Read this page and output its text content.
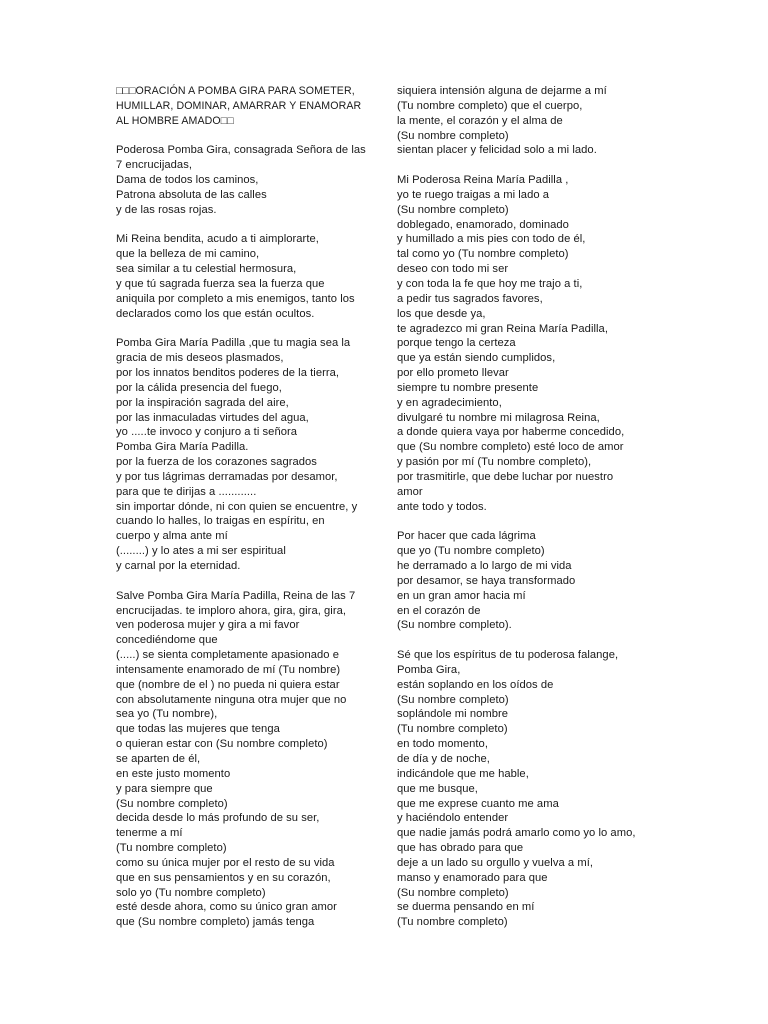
□□□ORACIÓN A POMBA GIRA PARA SOMETER,
HUMILLAR, DOMINAR, AMARRAR Y ENAMORAR
AL HOMBRE AMADO□□
Poderosa Pomba Gira, consagrada Señora de las
7 encrucijadas,
Dama de todos los caminos,
Patrona absoluta de las calles
y de las rosas rojas.
Mi Reina bendita, acudo a ti aimplorarte,
que la belleza de mi camino,
sea similar a tu celestial hermosura,
y que tú sagrada fuerza sea la fuerza que
aniquila por completo a mis enemigos, tanto los
declarados como los que están ocultos.
Pomba Gira María Padilla ,que tu magia sea la
gracia de mis deseos plasmados,
por los innatos benditos poderes de la tierra,
por la cálida presencia del fuego,
por la inspiración sagrada del aire,
por las inmaculadas virtudes del agua,
yo .....te invoco y conjuro a ti señora
Pomba Gira María Padilla.
por la fuerza de los corazones sagrados
y por tus lágrimas derramadas por desamor,
para que te dirijas a ............
sin importar dónde, ni con quien se encuentre, y
cuando lo halles, lo traigas en espíritu, en
cuerpo y alma ante mí
(........) y lo ates a mi ser espiritual
y carnal por la eternidad.
Salve Pomba Gira María Padilla, Reina de las 7
encrucijadas. te imploro ahora, gira, gira, gira,
ven poderosa mujer y gira a mi favor
concediéndome que
(.....) se sienta completamente apasionado e
intensamente enamorado de mí (Tu nombre)
que (nombre de el ) no pueda ni quiera estar
con absolutamente ninguna otra mujer que no
sea yo (Tu nombre),
que todas las mujeres que tenga
o quieran estar con (Su nombre completo)
se aparten de él,
en este justo momento
y para siempre que
(Su nombre completo)
decida desde lo más profundo de su ser,
tenerme a mí
(Tu nombre completo)
como su única mujer por el resto de su vida
que en sus pensamientos y en su corazón,
solo yo (Tu nombre completo)
esté desde ahora, como su único gran amor
que (Su nombre completo) jamás tenga
siquiera intensión alguna de dejarme a mí
(Tu nombre completo) que el cuerpo,
la mente, el corazón y el alma de
(Su nombre completo)
sientan placer y felicidad solo a mi lado.
Mi Poderosa Reina María Padilla ,
yo te ruego traigas a mi lado a
(Su nombre completo)
doblegado, enamorado, dominado
y humillado a mis pies con todo de él,
tal como yo (Tu nombre completo)
deseo con todo mi ser
y con toda la fe que hoy me trajo a ti,
a pedir tus sagrados favores,
los que desde ya,
te agradezco mi gran Reina María Padilla,
porque tengo la certeza
que ya están siendo cumplidos,
por ello prometo llevar
siempre tu nombre presente
y en agradecimiento,
divulgaré tu nombre mi milagrosa Reina,
a donde quiera vaya por haberme concedido,
que (Su nombre completo) esté loco de amor
y pasión por mí (Tu nombre completo),
por trasmitirle, que debe luchar por nuestro
amor
ante todo y todos.
Por hacer que cada lágrima
que yo (Tu nombre completo)
he derramado a lo largo de mi vida
por desamor, se haya transformado
en un gran amor hacia mí
en el corazón de
(Su nombre completo).
Sé que los espíritus de tu poderosa falange,
Pomba Gira,
están soplando en los oídos de
(Su nombre completo)
soplándole mi nombre
(Tu nombre completo)
en todo momento,
de día y de noche,
indicándole que me hable,
que me busque,
que me exprese cuanto me ama
y haciéndolo entender
que nadie jamás podrá amarlo como yo lo amo,
que has obrado para que
deje a un lado su orgullo y vuelva a mí,
manso y enamorado para que
(Su nombre completo)
se duerma pensando en mí
(Tu nombre completo)
